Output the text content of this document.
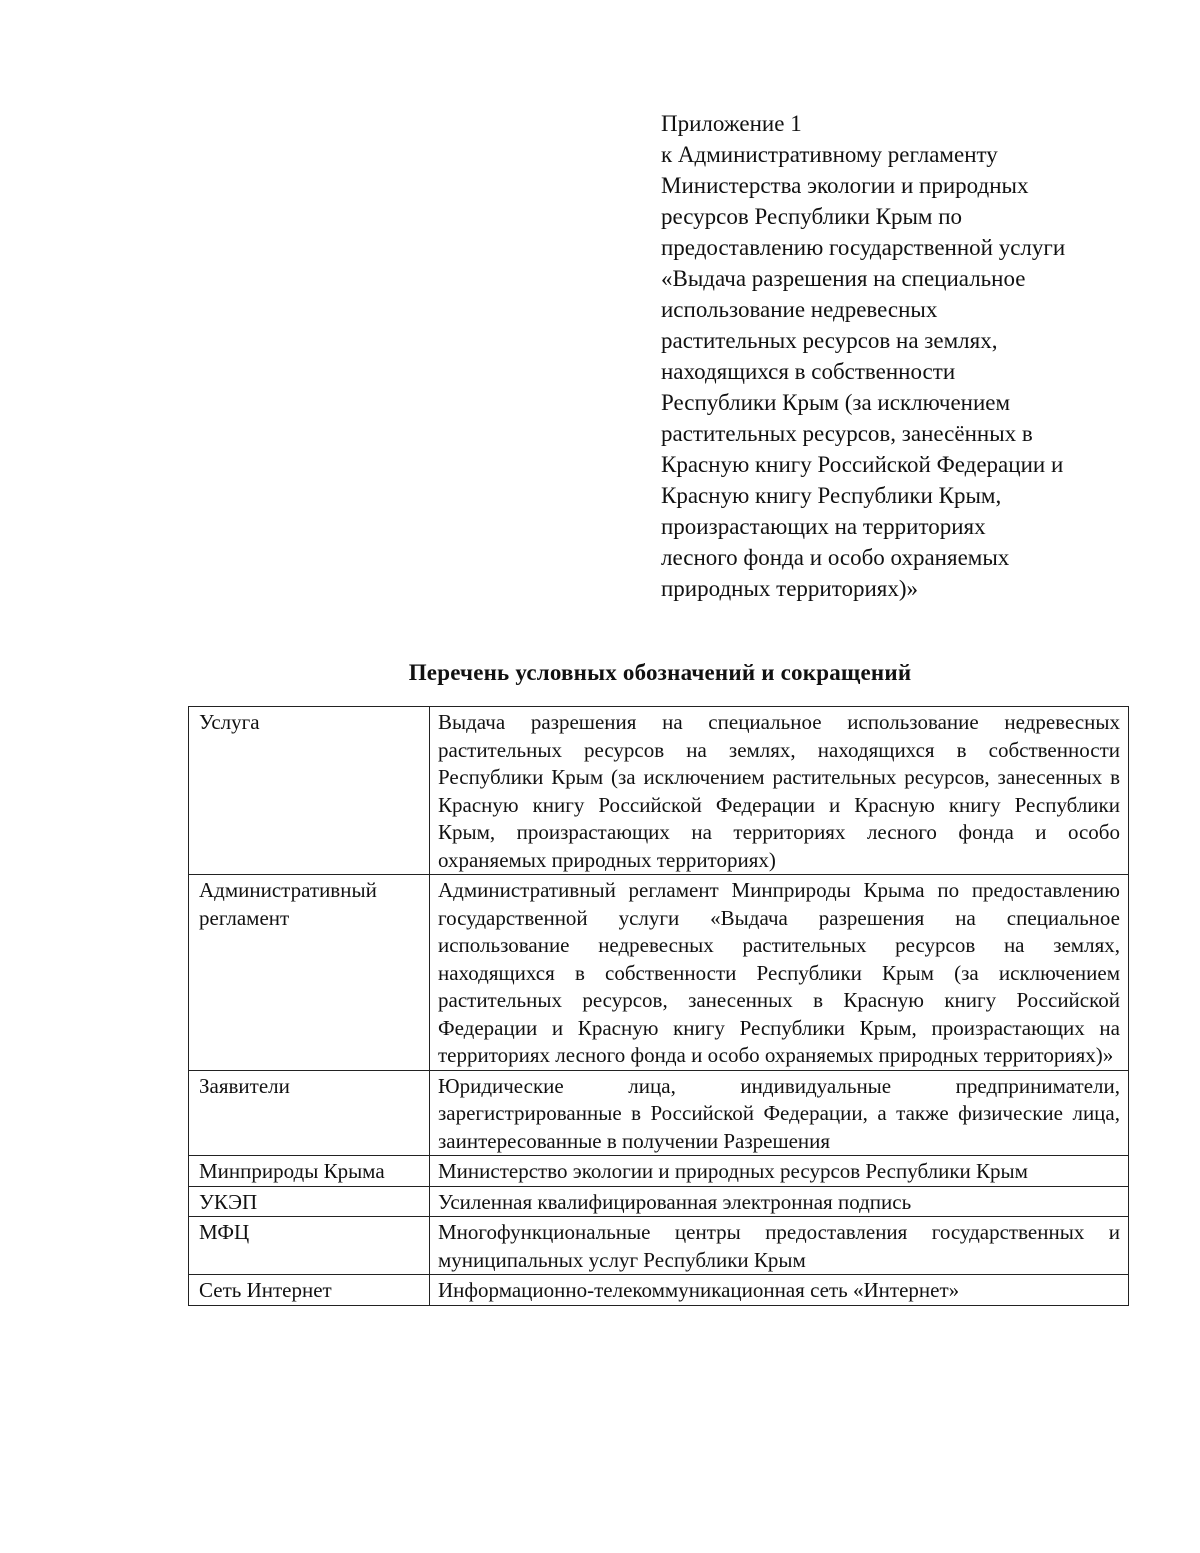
Приложение 1
к Административному регламенту
Министерства экологии и природных
ресурсов Республики Крым по
предоставлению государственной услуги
«Выдача разрешения на специальное
использование недревесных
растительных ресурсов на землях,
находящихся в собственности
Республики Крым (за исключением
растительных ресурсов, занесённых в
Красную книгу Российской Федерации и
Красную книгу Республики Крым,
произрастающих на территориях
лесного фонда и особо охраняемых
природных территориях)»
Перечень условных обозначений и сокращений
Услуга	Выдача разрешения на специальное использование недревесных растительных ресурсов на землях, находящихся в собственности Республики Крым (за исключением растительных ресурсов, занесенных в Красную книгу Российской Федерации и Красную книгу Республики Крым, произрастающих на территориях лесного фонда и особо охраняемых природных территориях)
Административный регламент	Административный регламент Минприроды Крыма по предоставлению государственной услуги «Выдача разрешения на специальное использование недревесных растительных ресурсов на землях, находящихся в собственности Республики Крым (за исключением растительных ресурсов, занесенных в Красную книгу Российской Федерации и Красную книгу Республики Крым, произрастающих на территориях лесного фонда и особо охраняемых природных территориях)»
Заявители	Юридические лица, индивидуальные предприниматели, зарегистрированные в Российской Федерации, а также физические лица, заинтересованные в получении Разрешения
Минприроды Крыма	Министерство экологии и природных ресурсов Республики Крым
УКЭП	Усиленная квалифицированная электронная подпись
МФЦ	Многофункциональные центры предоставления государственных и муниципальных услуг Республики Крым
Сеть Интернет	Информационно-телекоммуникационная сеть «Интернет»
